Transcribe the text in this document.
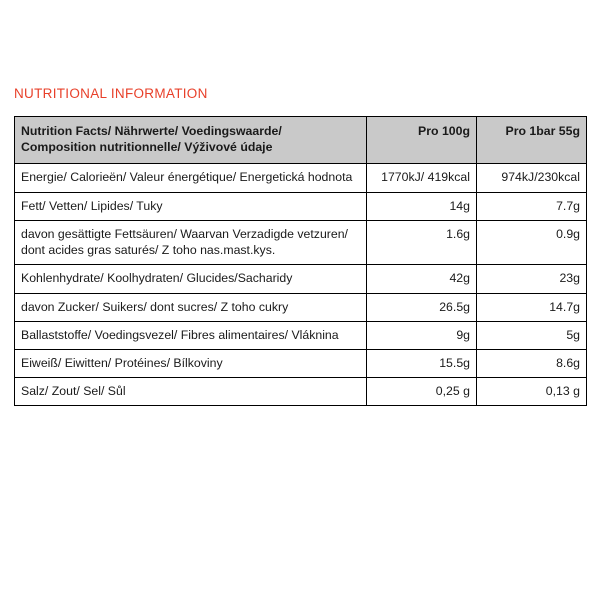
NUTRITIONAL INFORMATION
Nutrition Facts/ Nährwerte/ Voedingswaarde/ Composition nutritionnelle/ Výživové údaje	Pro 100g	Pro 1bar 55g
Energie/ Calorieën/ Valeur énergétique/ Energetická hodnota	1770kJ/ 419kcal	974kJ/230kcal
Fett/ Vetten/ Lipides/ Tuky	14g	7.7g
davon gesättigte Fettsäuren/ Waarvan Verzadigde vetzuren/ dont acides gras saturés/ Z toho nas.mast.kys.	1.6g	0.9g
Kohlenhydrate/ Koolhydraten/ Glucides/Sacharidy	42g	23g
davon Zucker/ Suikers/ dont sucres/ Z toho cukry	26.5g	14.7g
Ballaststoffe/ Voedingsvezel/ Fibres alimentaires/ Vláknina	9g	5g
Eiweiß/ Eiwitten/ Protéines/ Bílkoviny	15.5g	8.6g
Salz/ Zout/ Sel/ Sůl	0,25 g	0,13 g
